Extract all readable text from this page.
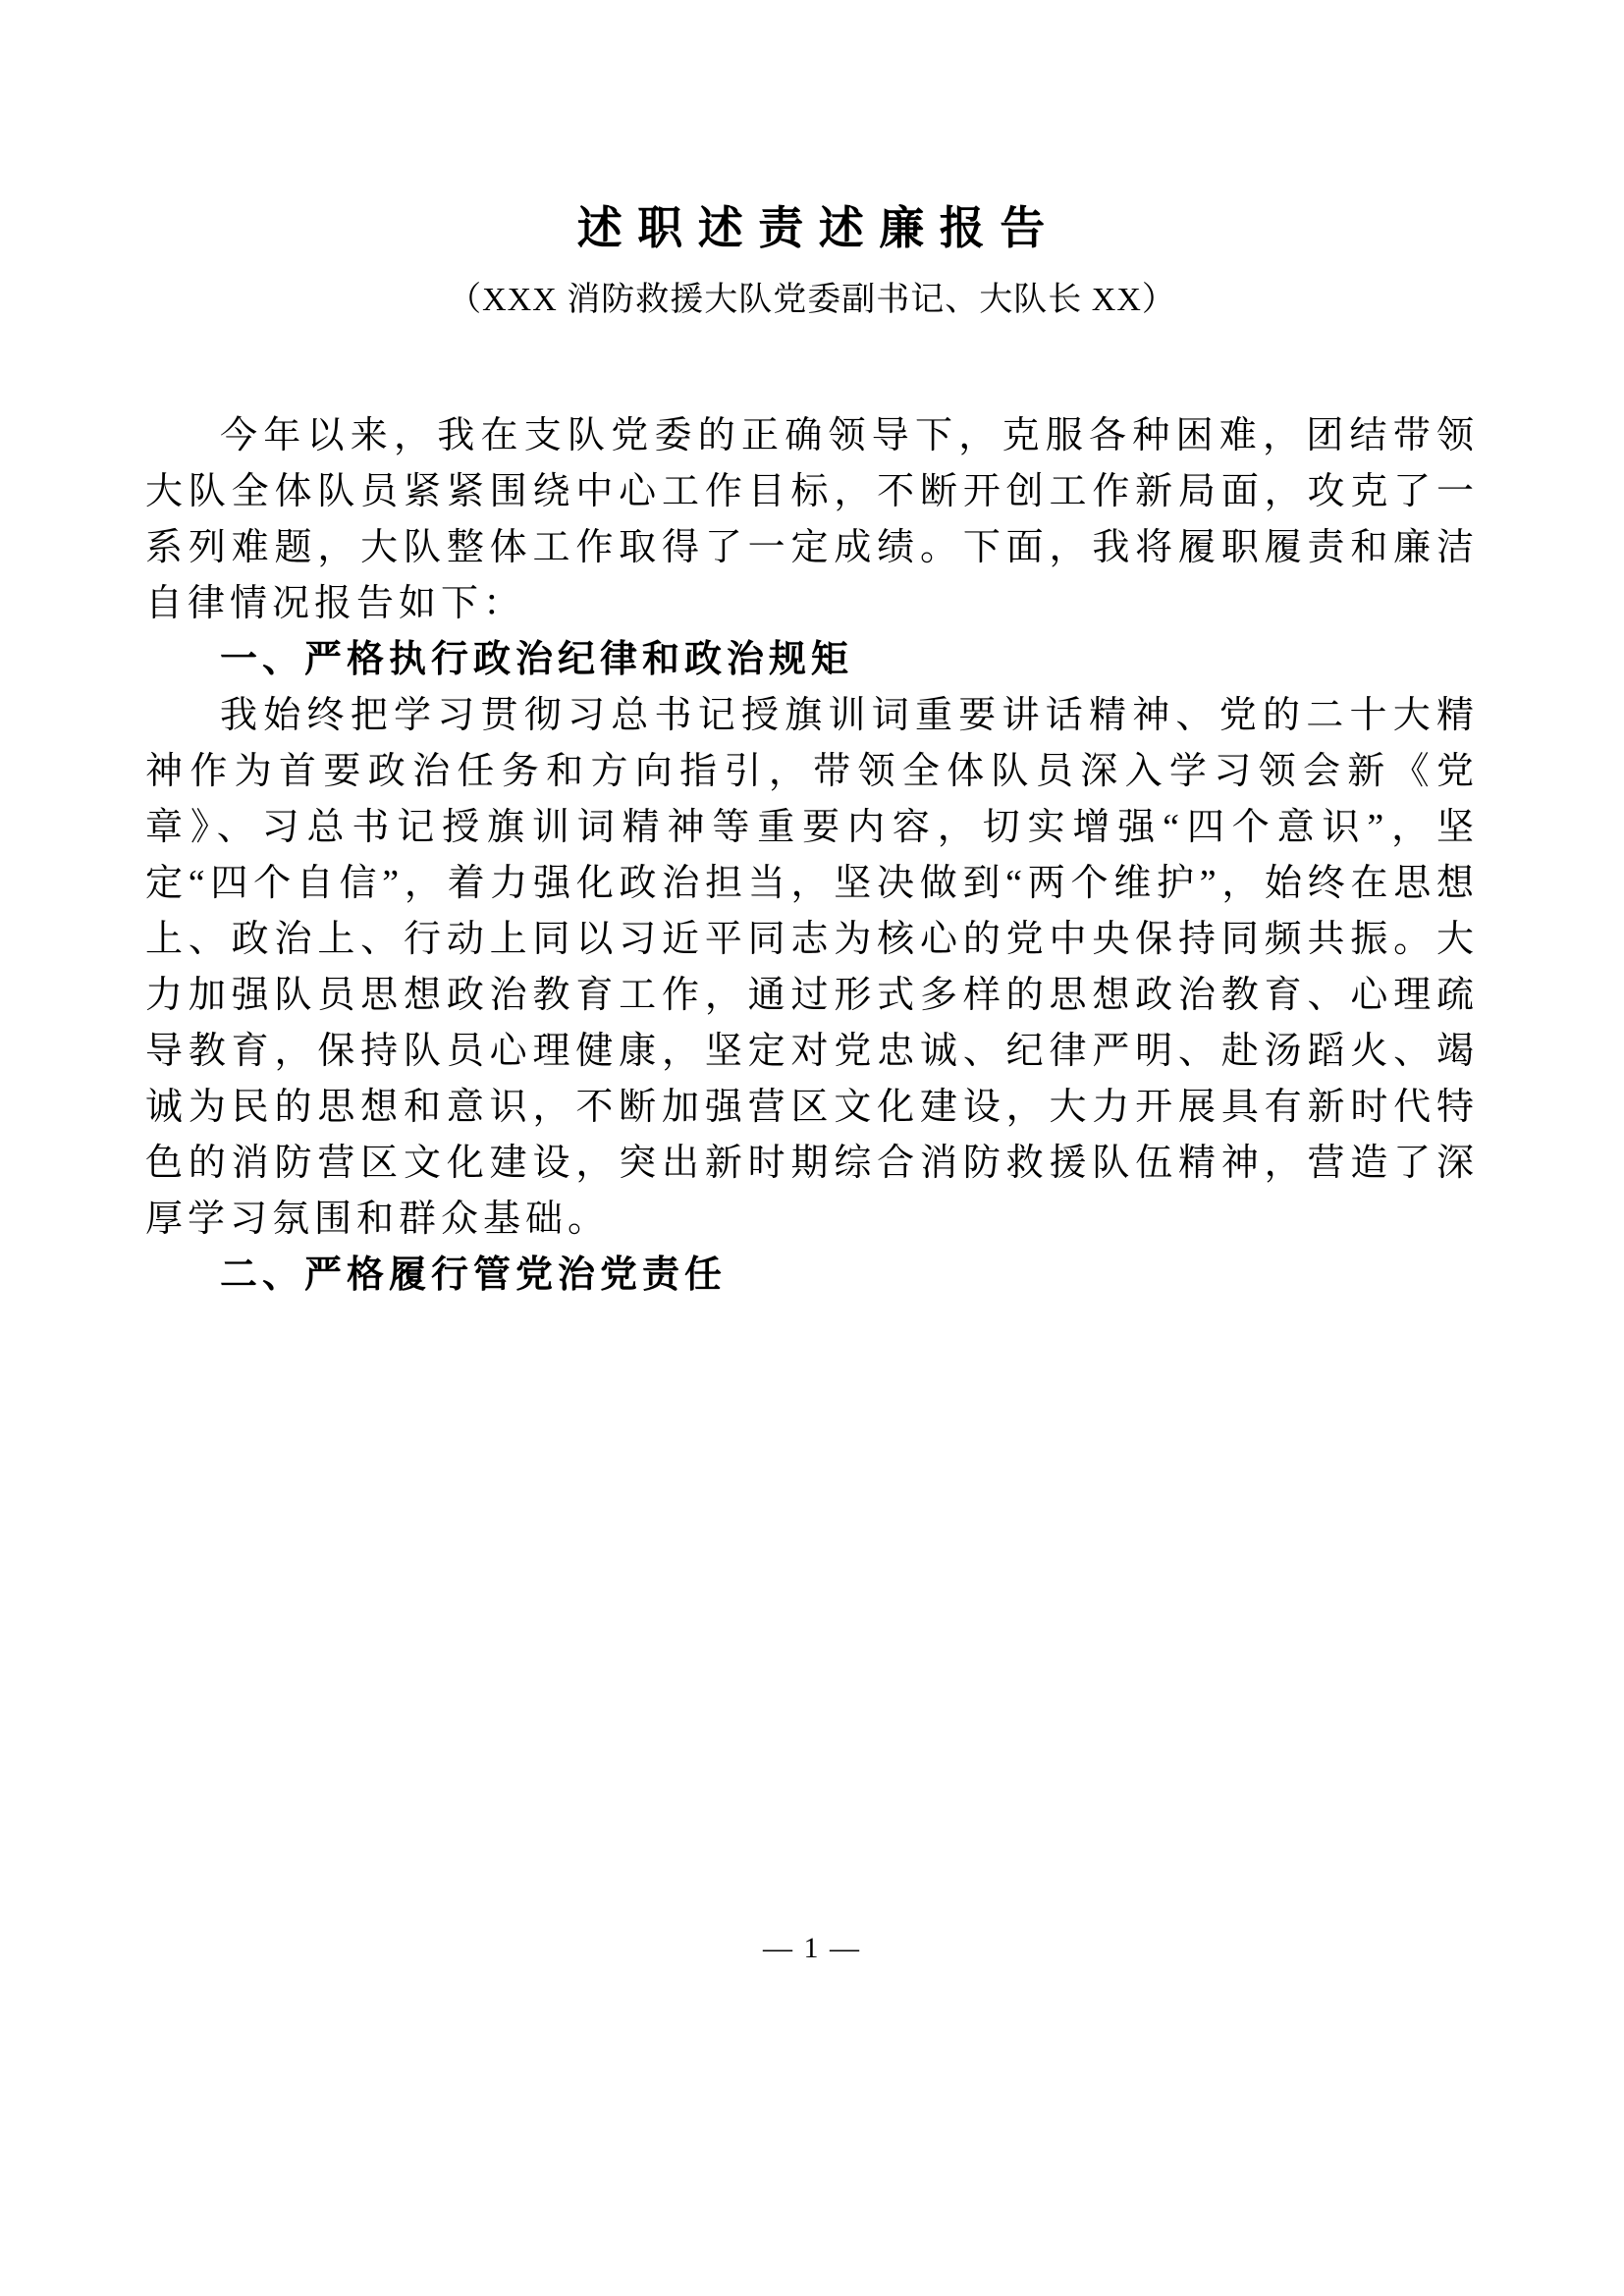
述 职 述 责 述 廉 报 告
（XXX 消防救援大队党委副书记、大队长 XX）

今年以来，我在支队党委的正确领导下，克服各种困难，团结带领大队全体队员紧紧围绕中心工作目标，不断开创工作新局面，攻克了一系列难题，大队整体工作取得了一定成绩。下面，我将履职履责和廉洁自律情况报告如下：

一、严格执行政治纪律和政治规矩

我始终把学习贯彻习总书记授旗训词重要讲话精神、党的二十大精神作为首要政治任务和方向指引，带领全体队员深入学习领会新《党章》、习总书记授旗训词精神等重要内容，切实增强“四个意识”，坚定“四个自信”，着力强化政治担当，坚决做到“两个维护”，始终在思想上、政治上、行动上同以习近平同志为核心的党中央保持同频共振。大力加强队员思想政治教育工作，通过形式多样的思想政治教育、心理疏导教育，保持队员心理健康，坚定对党忠诚、纪律严明、赴汤蹈火、竭诚为民的思想和意识，不断加强营区文化建设，大力开展具有新时代特色的消防营区文化建设，突出新时期综合消防救援队伍精神，营造了深厚学习氛围和群众基础。

二、严格履行管党治党责任

— 1 —
